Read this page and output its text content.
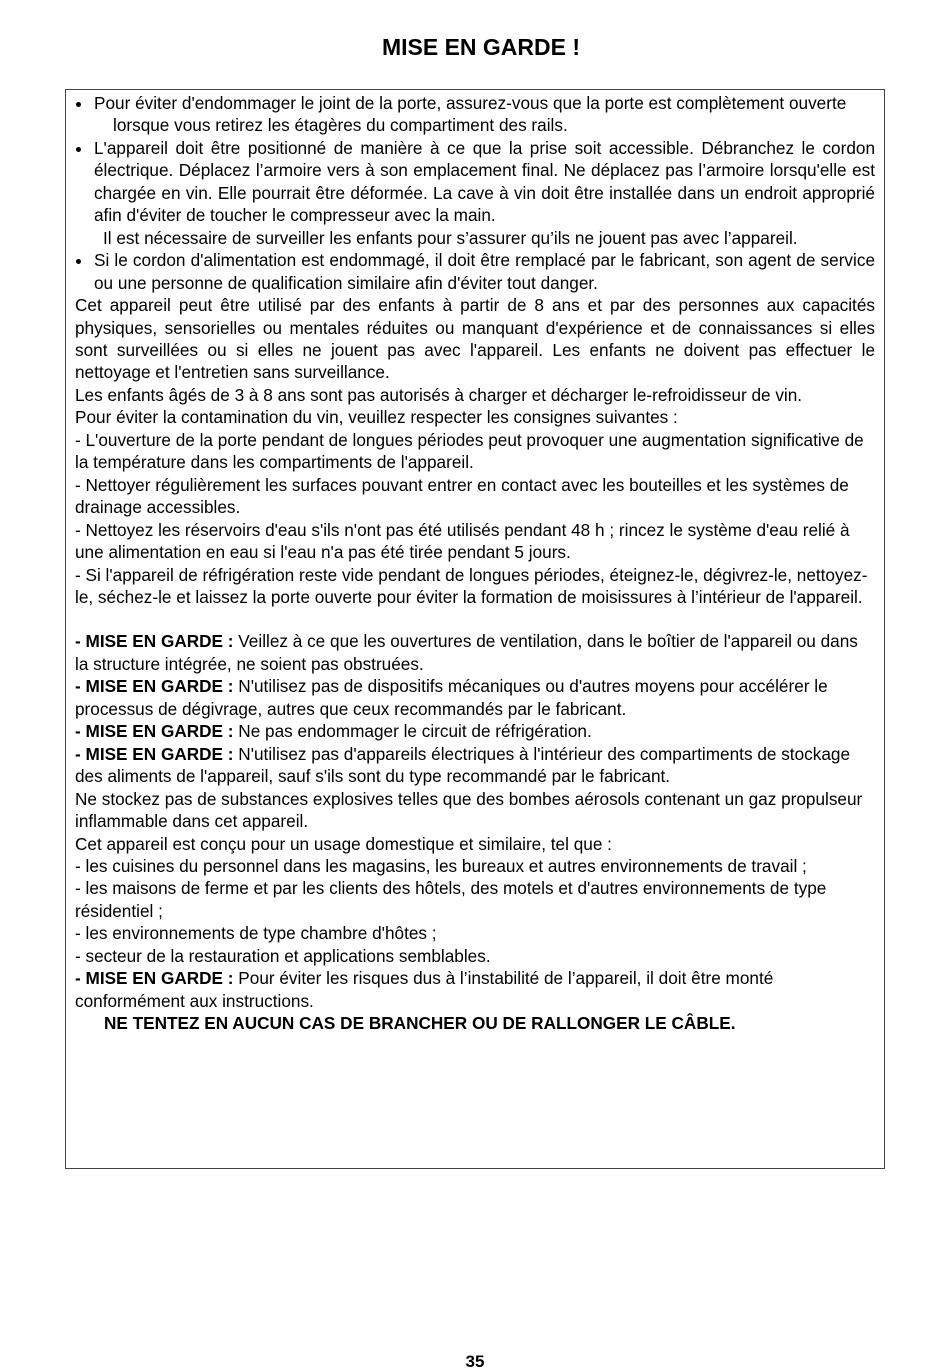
MISE EN GARDE !
Pour éviter d'endommager le joint de la porte, assurez-vous que la porte est complètement ouverte
lorsque vous retirez les étagères du compartiment des rails.
L'appareil doit être positionné de manière à ce que la prise soit accessible. Débranchez le cordon électrique. Déplacez l’armoire vers à son emplacement final. Ne déplacez pas l’armoire lorsqu'elle est chargée en vin. Elle pourrait être déformée. La cave à vin doit être installée dans un endroit approprié afin d'éviter de toucher le compresseur avec la main.
Il est nécessaire de surveiller les enfants pour s’assurer qu’ils ne jouent pas avec l’appareil.
Si le cordon d'alimentation est endommagé, il doit être remplacé par le fabricant, son agent de service ou une personne de qualification similaire afin d'éviter tout danger.
Cet appareil peut être utilisé par des enfants à partir de 8 ans et par des personnes aux capacités physiques, sensorielles ou mentales réduites ou manquant d'expérience et de connaissances si elles sont surveillées ou si elles ne jouent pas avec l'appareil. Les enfants ne doivent pas effectuer le nettoyage et l'entretien sans surveillance.
Les enfants âgés de 3 à 8 ans sont pas autorisés à charger et décharger le-refroidisseur de vin.
Pour éviter la contamination du vin, veuillez respecter les consignes suivantes :
- L'ouverture de la porte pendant de longues périodes peut provoquer une augmentation significative de la température dans les compartiments de l'appareil.
- Nettoyer régulièrement les surfaces pouvant entrer en contact avec les bouteilles et les systèmes de drainage accessibles.
- Nettoyez les réservoirs d'eau s'ils n'ont pas été utilisés pendant 48 h ; rincez le système d'eau relié à une alimentation en eau si l'eau n'a pas été tirée pendant 5 jours.
- Si l'appareil de réfrigération reste vide pendant de longues périodes, éteignez-le, dégivrez-le, nettoyez-le, séchez-le et laissez la porte ouverte pour éviter la formation de moisissures à l’intérieur de l'appareil.
- MISE EN GARDE : Veillez à ce que les ouvertures de ventilation, dans le boîtier de l'appareil ou dans la structure intégrée, ne soient pas obstruées.
- MISE EN GARDE : N'utilisez pas de dispositifs mécaniques ou d'autres moyens pour accélérer le processus de dégivrage, autres que ceux recommandés par le fabricant.
- MISE EN GARDE : Ne pas endommager le circuit de réfrigération.
- MISE EN GARDE : N'utilisez pas d'appareils électriques à l'intérieur des compartiments de stockage des aliments de l'appareil, sauf s'ils sont du type recommandé par le fabricant.
Ne stockez pas de substances explosives telles que des bombes aérosols contenant un gaz propulseur inflammable dans cet appareil.
Cet appareil est conçu pour un usage domestique et similaire, tel que :
- les cuisines du personnel dans les magasins, les bureaux et autres environnements de travail ;
- les maisons de ferme et par les clients des hôtels, des motels et d'autres environnements de type résidentiel ;
- les environnements de type chambre d'hôtes ;
- secteur de la restauration et applications semblables.
- MISE EN GARDE : Pour éviter les risques dus à l’instabilité de l’appareil, il doit être monté conformément aux instructions.
NE TENTEZ EN AUCUN CAS DE BRANCHER OU DE RALLONGER LE CÂBLE.
35
